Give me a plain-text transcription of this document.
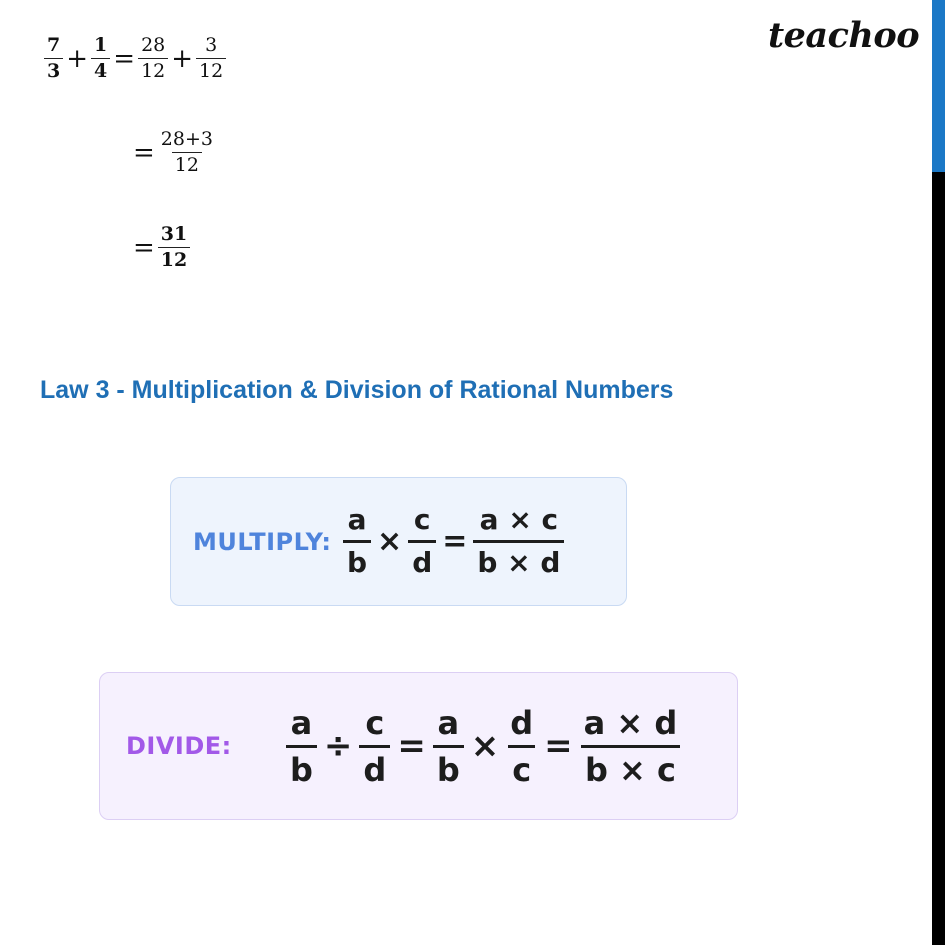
teachoo
$\frac{7}{3} + \frac{1}{4} = \frac{28}{12} + \frac{3}{12}$
= $\frac{28+3}{12}$
= $\frac{31}{12}$
Law 3 - Multiplication & Division of Rational Numbers
MULTIPLY: $\frac{a}{b} \times \frac{c}{d} = \frac{a \times c}{b \times d}$
DIVIDE:	$\frac{a}{b} \div \frac{c}{d} = \frac{a}{b} \times \frac{d}{c} = \frac{a \times d}{b \times c}$
